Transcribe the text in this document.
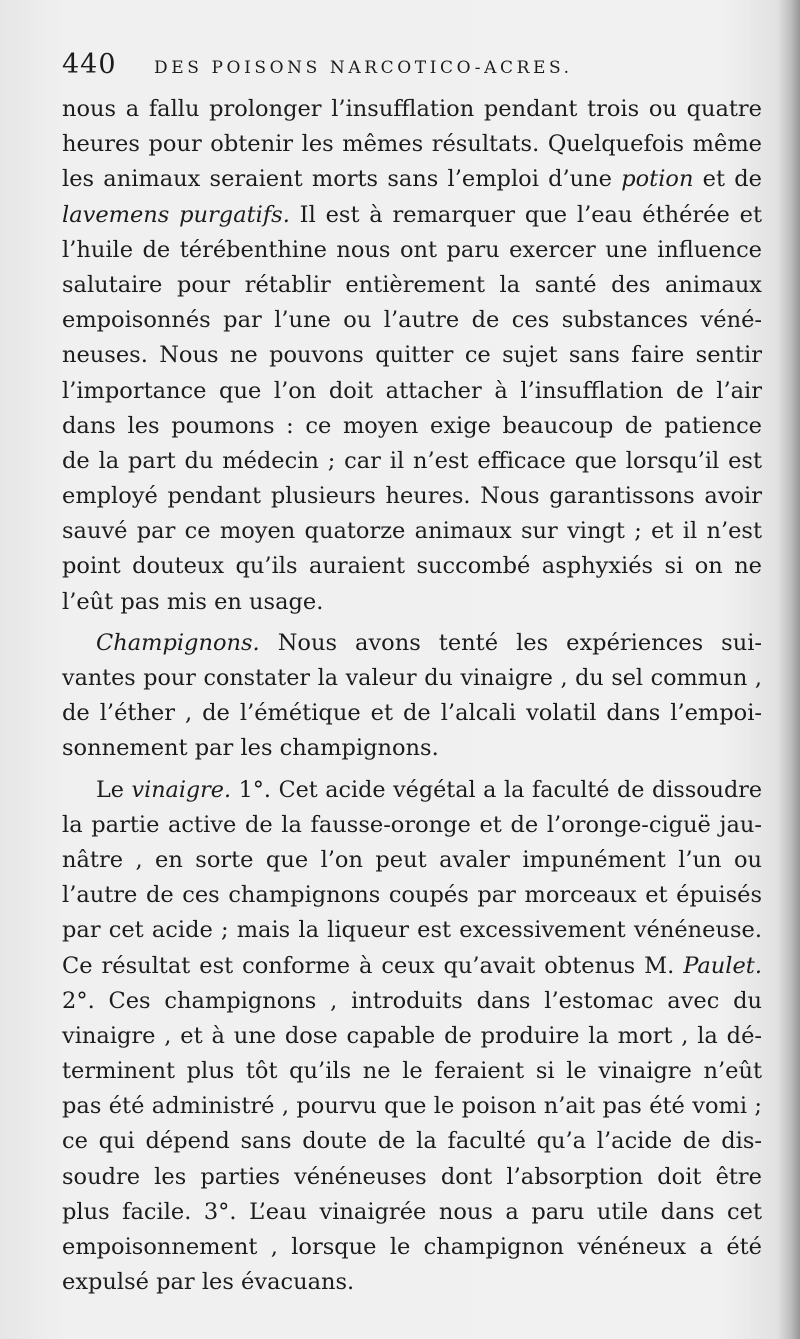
440	DES POISONS NARCOTICO-ACRES.
nous a fallu prolonger l’insufflation pendant trois ou quatre
heures pour obtenir les mêmes résultats. Quelquefois même
les animaux seraient morts sans l’emploi d’une potion et de
lavemens purgatifs. Il est à remarquer que l’eau éthérée et
l’huile de térébenthine nous ont paru exercer une influence
salutaire pour rétablir entièrement la santé des animaux
empoisonnés par l’une ou l’autre de ces substances véné-
neuses. Nous ne pouvons quitter ce sujet sans faire sentir
l’importance que l’on doit attacher à l’insufflation de l’air
dans les poumons : ce moyen exige beaucoup de patience
de la part du médecin ; car il n’est efficace que lorsqu’il est
employé pendant plusieurs heures. Nous garantissons avoir
sauvé par ce moyen quatorze animaux sur vingt ; et il n’est
point douteux qu’ils auraient succombé asphyxiés si on ne
l’eût pas mis en usage.
Champignons. Nous avons tenté les expériences sui-
vantes pour constater la valeur du vinaigre , du sel commun ,
de l’éther , de l’émétique et de l’alcali volatil dans l’empoi-
sonnement par les champignons.
Le vinaigre. 1°. Cet acide végétal a la faculté de dissoudre
la partie active de la fausse-oronge et de l’oronge-ciguë jau-
nâtre , en sorte que l’on peut avaler impunément l’un ou
l’autre de ces champignons coupés par morceaux et épuisés
par cet acide ; mais la liqueur est excessivement vénéneuse.
Ce résultat est conforme à ceux qu’avait obtenus M. Paulet.
2°. Ces champignons , introduits dans l’estomac avec du
vinaigre , et à une dose capable de produire la mort , la dé-
terminent plus tôt qu’ils ne le feraient si le vinaigre n’eût
pas été administré , pourvu que le poison n’ait pas été vomi ;
ce qui dépend sans doute de la faculté qu’a l’acide de dis-
soudre les parties vénéneuses dont l’absorption doit être
plus facile. 3°. L’eau vinaigrée nous a paru utile dans cet
empoisonnement , lorsque le champignon vénéneux a été
expulsé par les évacuans.
